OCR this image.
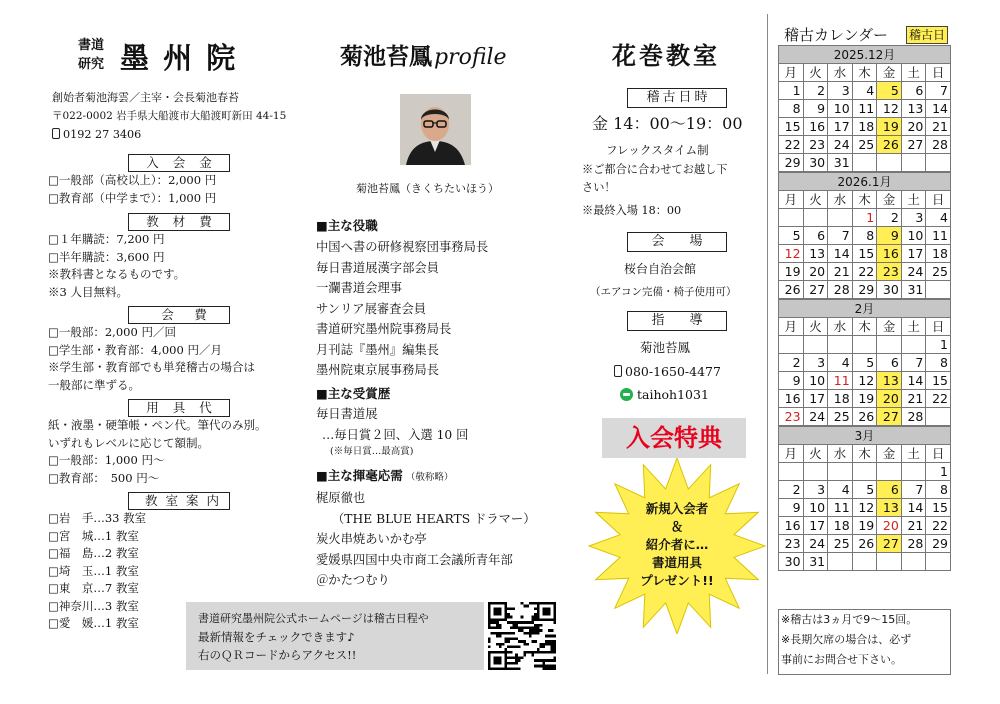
書道
研究 墨 州 院
創始者菊池海雲／主宰・会長菊池春苔
〒022-0002 岩手県大船渡市大船渡町新田 44-15
0192 27 3406
入会金
□一般部（高校以上）：2,000 円
□教育部（中学まで）：1,000 円
教材費
□１年購読：7,200 円
□半年購読：3,600 円
※教科書となるものです。
※3 人目無料。
会　費
□一般部：2,000 円／回
□学生部・教育部：4,000 円／月
※学生部・教育部でも単発稽古の場合は
一般部に準ずる。
用具代
紙・液墨・硬筆帳・ペン代。筆代のみ別。
いずれもレベルに応じて額制。
□一般部：1,000 円～
□教育部：　500 円～
教室案内
□岩　手…33 教室
□宮　城…1 教室
□福　島…2 教室
□埼　玉…1 教室
□東　京…7 教室
□神奈川…3 教室
□愛　媛…1 教室
菊池苔鳳profile
菊池苔鳳（きくちたいほう）
■主な役職
中国へ書の研修視察団事務局長
毎日書道展漢字部会員
一瀾書道会理事
サンリア展審査会員
書道研究墨州院事務局長
月刊誌『墨州』編集長
墨州院東京展事務局長
■主な受賞歴
毎日書道展
…毎日賞２回、入選 10 回
(※毎日賞…最高賞)
■主な揮毫応需 （敬称略）
梶原徹也
（THE BLUE HEARTS ドラマー）
炭火串焼あいかむ亭
愛媛県四国中央市商工会議所青年部
＠かたつむり
書道研究墨州院公式ホームページは稽古日程や
最新情報をチェックできます♪
右のＱＲコードからアクセス!!
花巻教室
稽古日時
金 14：00～19：00
フレックスタイム制
※ご都合に合わせてお越し下
さい！
※最終入場 18：00
会　場
桜台自治会館
（エアコン完備・椅子使用可）
指　導
菊池苔鳳
080-1650-4477
taihoh1031
入会特典
新規入会者
＆
紹介者に…
書道用具
プレゼント!!
稽古カレンダー 稽古日
2025.12月
月	火	水	木	金	土	日
1	2	3	4	5	6	7
8	9	10	11	12	13	14
15	16	17	18	19	20	21
22	23	24	25	26	27	28
29	30	31				
2026.1月
月	火	水	木	金	土	日
			1	2	3	4
5	6	7	8	9	10	11
12	13	14	15	16	17	18
19	20	21	22	23	24	25
26	27	28	29	30	31	
2月
月	火	水	木	金	土	日
						1
2	3	4	5	6	7	8
9	10	11	12	13	14	15
16	17	18	19	20	21	22
23	24	25	26	27	28	
3月
月	火	水	木	金	土	日
						1
2	3	4	5	6	7	8
9	10	11	12	13	14	15
16	17	18	19	20	21	22
23	24	25	26	27	28	29
30	31					
※稽古は3ヵ月で9～15回。
※長期欠席の場合は、必ず
事前にお問合せ下さい。
